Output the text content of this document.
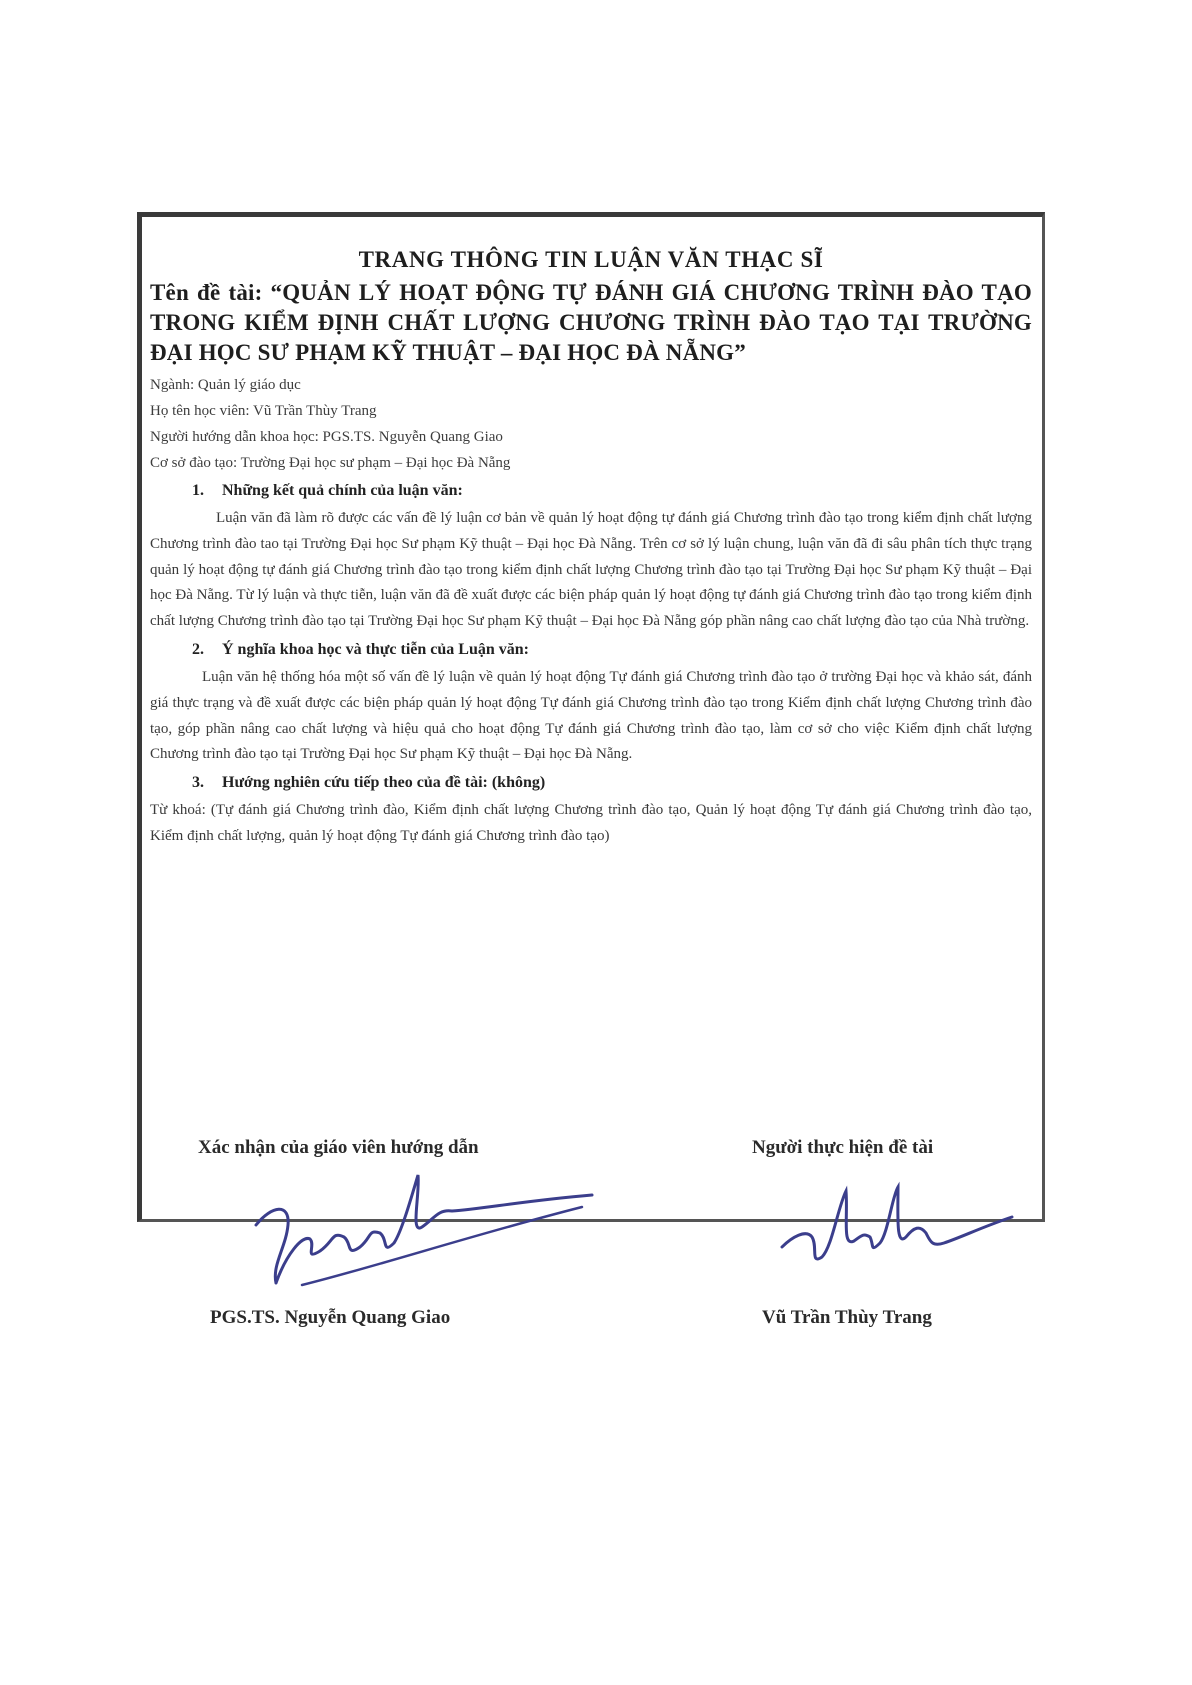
TRANG THÔNG TIN LUẬN VĂN THẠC SĨ
Tên đề tài: “QUẢN LÝ HOẠT ĐỘNG TỰ ĐÁNH GIÁ CHƯƠNG TRÌNH ĐÀO TẠO TRONG KIỂM ĐỊNH CHẤT LƯỢNG CHƯƠNG TRÌNH ĐÀO TẠO TẠI TRƯỜNG ĐẠI HỌC SƯ PHẠM KỸ THUẬT – ĐẠI HỌC ĐÀ NẴNG”
Ngành: Quản lý giáo dục
Họ tên học viên: Vũ Trần Thùy Trang
Người hướng dẫn khoa học: PGS.TS. Nguyễn Quang Giao
Cơ sở đào tạo: Trường Đại học sư phạm – Đại học Đà Nẵng
1. Những kết quả chính của luận văn:
Luận văn đã làm rõ được các vấn đề lý luận cơ bản về quản lý hoạt động tự đánh giá Chương trình đào tạo trong kiểm định chất lượng Chương trình đào tao tại Trường Đại học Sư phạm Kỹ thuật – Đại học Đà Nẵng. Trên cơ sở lý luận chung, luận văn đã đi sâu phân tích thực trạng quản lý hoạt động tự đánh giá Chương trình đào tạo trong kiểm định chất lượng Chương trình đào tạo tại Trường Đại học Sư phạm Kỹ thuật – Đại học Đà Nẵng. Từ lý luận và thực tiễn, luận văn đã đề xuất được các biện pháp quản lý hoạt động tự đánh giá Chương trình đào tạo trong kiểm định chất lượng Chương trình đào tạo tại Trường Đại học Sư phạm Kỹ thuật – Đại học Đà Nẵng góp phần nâng cao chất lượng đào tạo của Nhà trường.
2. Ý nghĩa khoa học và thực tiễn của Luận văn:
Luận văn hệ thống hóa một số vấn đề lý luận về quản lý hoạt động Tự đánh giá Chương trình đào tạo ở trường Đại học và khảo sát, đánh giá thực trạng và đề xuất được các biện pháp quản lý hoạt động Tự đánh giá Chương trình đào tạo trong Kiểm định chất lượng Chương trình đào tạo, góp phần nâng cao chất lượng và hiệu quả cho hoạt động Tự đánh giá Chương trình đào tạo, làm cơ sở cho việc Kiểm định chất lượng Chương trình đào tạo tại Trường Đại học Sư phạm Kỹ thuật – Đại học Đà Nẵng.
3. Hướng nghiên cứu tiếp theo của đề tài: (không)
Từ khoá: (Tự đánh giá Chương trình đào, Kiểm định chất lượng Chương trình đào tạo, Quản lý hoạt động Tự đánh giá Chương trình đào tạo, Kiểm định chất lượng, quản lý hoạt động Tự đánh giá Chương trình đào tạo)
Xác nhận của giáo viên hướng dẫn	Người thực hiện đề tài
PGS.TS. Nguyễn Quang Giao	Vũ Trần Thùy Trang
